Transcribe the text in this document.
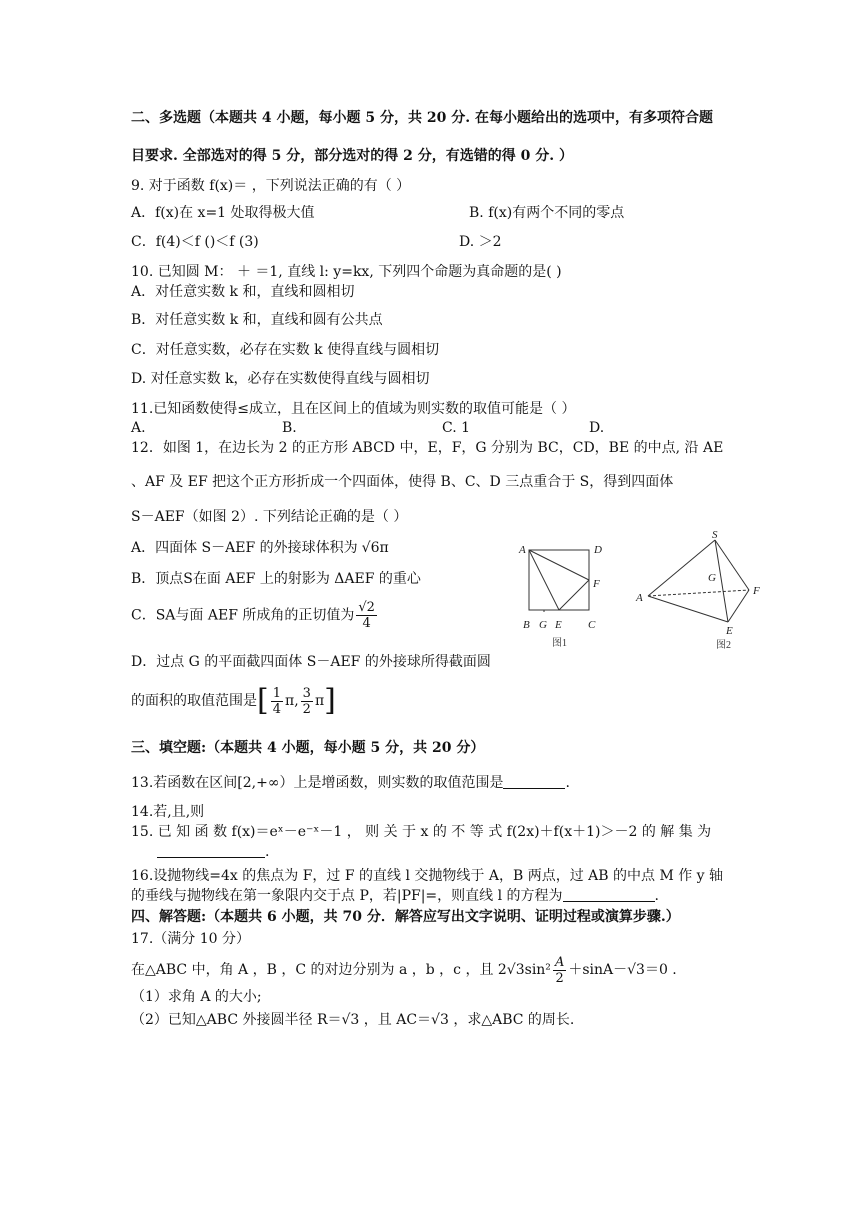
二、多选题（本题共 4 小题，每小题 5 分，共 20 分. 在每小题给出的选项中，有多项符合题
目要求. 全部选对的得 5 分，部分选对的得 2 分，有选错的得 0 分. ）
9. 对于函数 f(x)＝ ，下列说法正确的有（ ）
A．f(x)在 x=1 处取得极大值	B. f(x)有两个不同的零点
C．f(4)＜f ()＜f (3)	D. ＞2
10. 已知圆 M： ＋ ＝1, 直线 l: y=kx, 下列四个命题为真命题的是( )
A．对任意实数 k 和，直线和圆相切
B．对任意实数 k 和，直线和圆有公共点
C．对任意实数，必存在实数 k 使得直线与圆相切
D. 对任意实数 k，必存在实数使得直线与圆相切
11.已知函数使得≤成立，且在区间上的值域为则实数的取值可能是（ ）
A.	B.	C. 1	D.
12．如图 1，在边长为 2 的正方形 ABCD 中，E，F，G 分别为 BC，CD，BE 的中点, 沿 AE
、AF 及 EF 把这个正方形折成一个四面体，使得 B、C、D 三点重合于 S，得到四面体
S－AEF（如图 2）. 下列结论正确的是（ ）
A．四面体 S－AEF 的外接球体积为 √6π
B．顶点S在面 AEF 上的射影为 ΔAEF 的重心
C．SA与面 AEF 所成角的正切值为 $\frac{√2}{4}$
D．过点 G 的平面截四面体 S－AEF 的外接球所得截面圆
的面积的取值范围是[ $\frac{1}{4} \pi$, $\frac{3}{2} \pi$]
A	D
F
B G E C
图1
S
A
G
F
E
图2
三、填空题:（本题共 4 小题，每小题 5 分，共 20 分）
13.若函数在区间[2,+∞）上是增函数，则实数的取值范围是	.
14.若,且,则
15. 已 知 函 数 f(x)＝eˣ－e⁻ˣ－1 ， 则 关 于 x 的 不 等 式 f(2x)＋f(x＋1)＞－2 的 解 集 为
.
16.设抛物线=4x 的焦点为 F，过 F 的直线 l 交抛物线于 A，B 两点，过 AB 的中点 M 作 y 轴
的垂线与抛物线在第一象限内交于点 P，若|PF|=，则直线 l 的方程为	.
四、解答题:（本题共 6 小题，共 70 分．解答应写出文字说明、证明过程或演算步骤.）
17.（满分 10 分）
在△ABC 中，角 A ，B ，C 的对边分别为 a ，b ，c ，且 $2√3\sin^2 \frac{A}{2} +\sin A-√3=0$ .
（1）求角 A 的大小;
（2）已知△ABC 外接圆半径 R＝√3 ，且 AC＝√3 ，求△ABC 的周长.
